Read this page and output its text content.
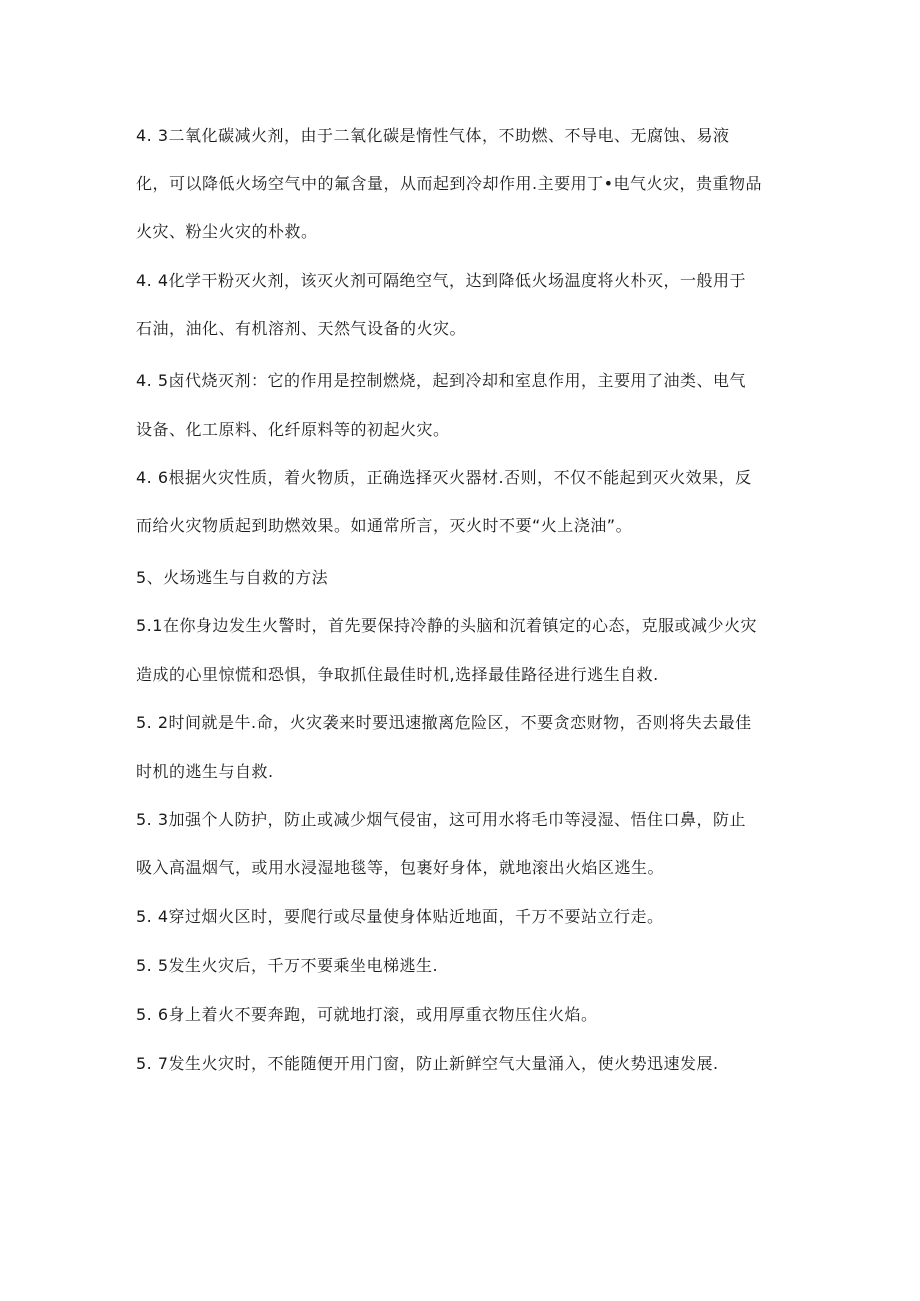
4. 3二氧化碳减火剂，由于二氧化碳是惰性气体，不助燃、不导电、无腐蚀、易液
化，可以降低火场空气中的氟含量，从而起到冷却作用.主要用丁•电气火灾，贵重物品
火灾、粉尘火灾的朴救。
4. 4化学干粉灭火剂，该灭火剂可隔绝空气，达到降低火场温度将火朴灭，一般用于
石油，油化、有机溶剂、天然气设备的火灾。
4. 5卤代烧灭剂：它的作用是控制燃烧，起到冷却和室息作用，主要用了油类、电气
设备、化工原料、化纤原料等的初起火灾。
4. 6根据火灾性质，着火物质，正确选择灭火器材.否则，不仅不能起到灭火效果，反
而给火灾物质起到助燃效果。如通常所言，灭火时不要“火上浇油”。
5、火场逃生与自救的方法
5.1在你身边发生火警时，首先要保持冷静的头脑和沉着镇定的心态，克服或减少火灾
造成的心里惊慌和恐惧，争取抓住最佳时机,选择最佳路径进行逃生自救.
5. 2时间就是牛.命，火灾袭来时要迅速撤离危险区，不要贪恋财物，否则将失去最佳
时机的逃生与自救.
5. 3加强个人防护，防止或减少烟气侵宙，这可用水将毛巾等浸湿、悟住口鼻，防止
吸入高温烟气，或用水浸湿地毯等，包裹好身体，就地滚出火焰区逃生。
5. 4穿过烟火区时，要爬行或尽量使身体贴近地面，千万不要站立行走。
5. 5发生火灾后，千万不要乘坐电梯逃生.
5. 6身上着火不要奔跑，可就地打滚，或用厚重衣物压住火焰。
5. 7发生火灾时，不能随便开用门窗，防止新鲜空气大量涌入，使火势迅速发展.
